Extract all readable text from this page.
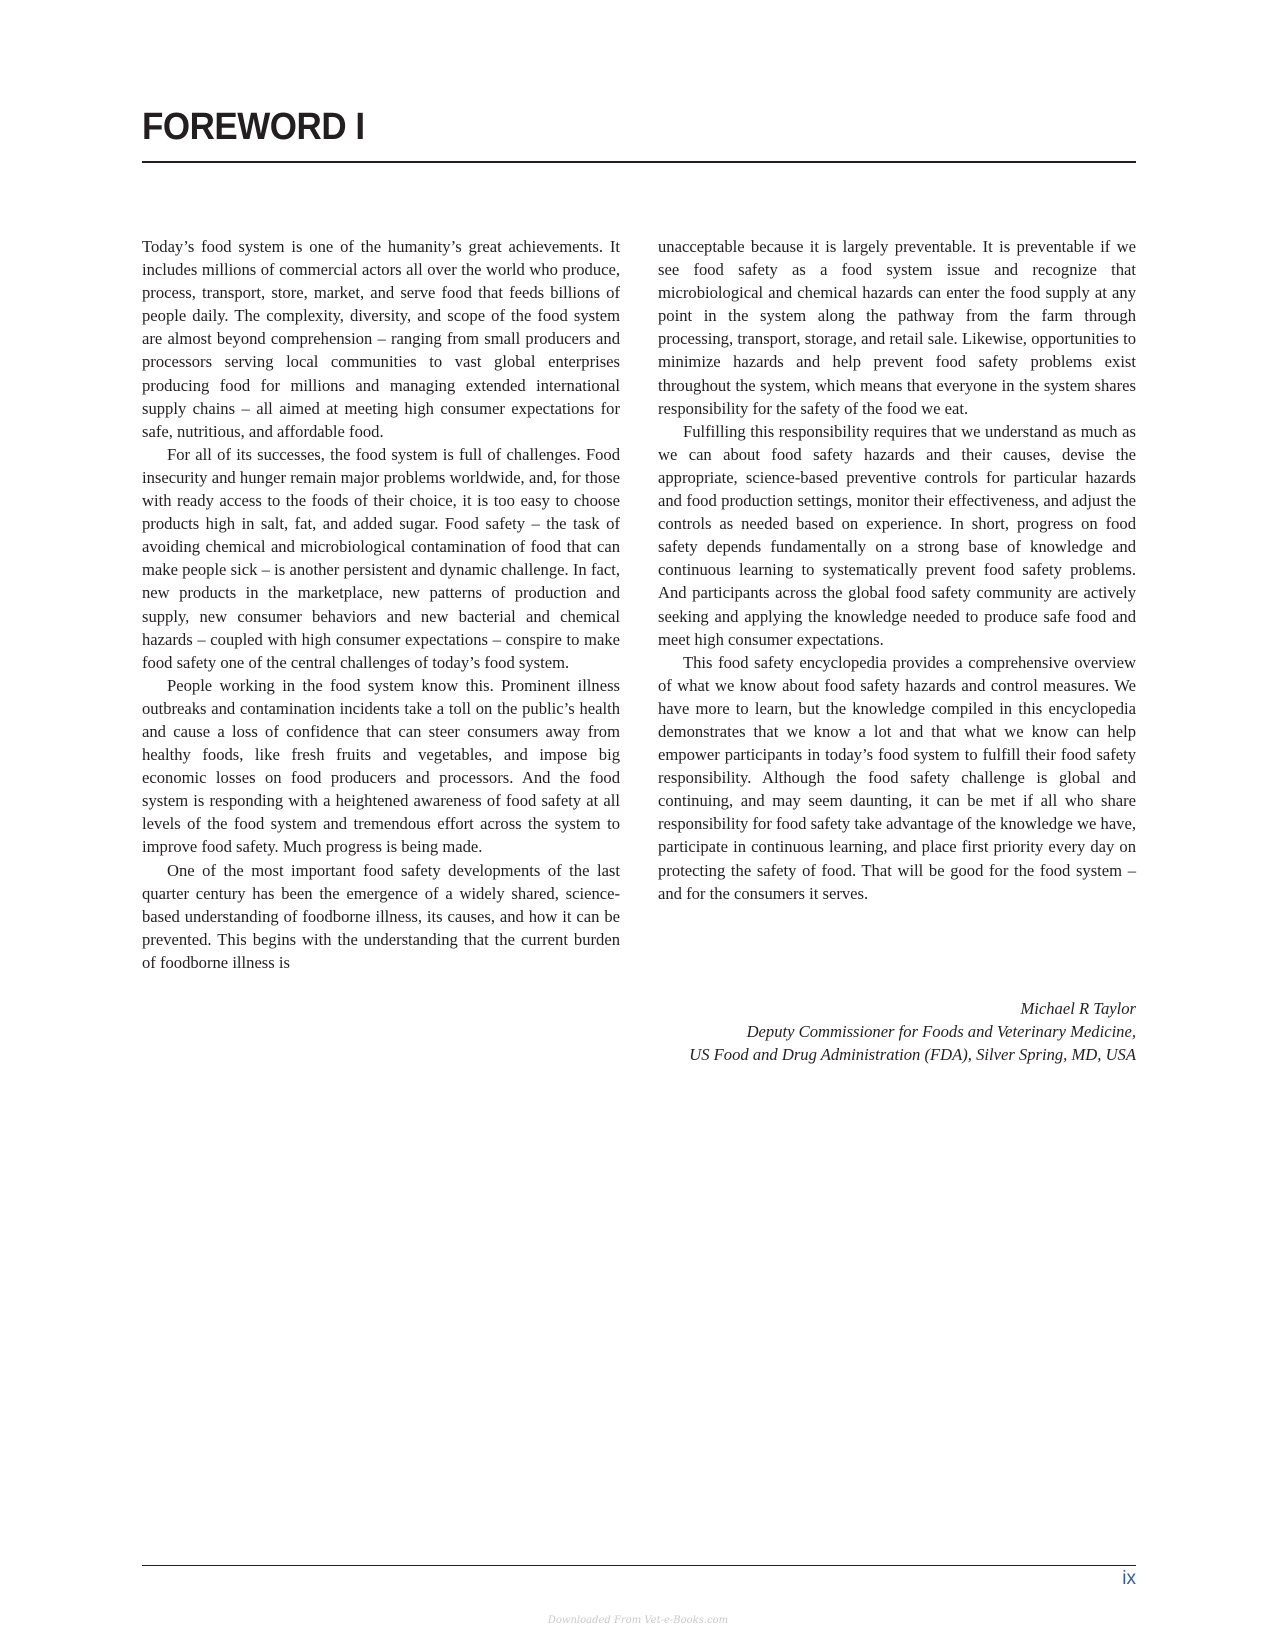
FOREWORD I

Today’s food system is one of the humanity’s great achievements. It includes millions of commercial actors all over the world who produce, process, transport, store, market, and serve food that feeds billions of people daily. The complexity, diversity, and scope of the food system are almost beyond comprehension – ranging from small producers and processors serving local communities to vast global enterprises producing food for millions and managing extended international supply chains – all aimed at meeting high consumer expectations for safe, nutritious, and affordable food.

For all of its successes, the food system is full of challenges. Food insecurity and hunger remain major problems worldwide, and, for those with ready access to the foods of their choice, it is too easy to choose products high in salt, fat, and added sugar. Food safety – the task of avoiding chemical and microbiological contamination of food that can make people sick – is another persistent and dynamic challenge. In fact, new products in the marketplace, new patterns of production and supply, new consumer behaviors and new bacterial and chemical hazards – coupled with high consumer expectations – conspire to make food safety one of the central challenges of today’s food system.

People working in the food system know this. Prominent illness outbreaks and contamination incidents take a toll on the public’s health and cause a loss of confidence that can steer consumers away from healthy foods, like fresh fruits and vegetables, and impose big economic losses on food producers and processors. And the food system is responding with a heightened awareness of food safety at all levels of the food system and tremendous effort across the system to improve food safety. Much progress is being made.

One of the most important food safety developments of the last quarter century has been the emergence of a widely shared, science-based understanding of foodborne illness, its causes, and how it can be prevented. This begins with the understanding that the current burden of foodborne illness is

unacceptable because it is largely preventable. It is preventable if we see food safety as a food system issue and recognize that microbiological and chemical hazards can enter the food supply at any point in the system along the pathway from the farm through processing, transport, storage, and retail sale. Likewise, opportunities to minimize hazards and help prevent food safety problems exist throughout the system, which means that everyone in the system shares responsibility for the safety of the food we eat.

Fulfilling this responsibility requires that we understand as much as we can about food safety hazards and their causes, devise the appropriate, science-based preventive controls for particular hazards and food production settings, monitor their effectiveness, and adjust the controls as needed based on experience. In short, progress on food safety depends fundamentally on a strong base of knowledge and continuous learning to systematically prevent food safety problems. And participants across the global food safety community are actively seeking and applying the knowledge needed to produce safe food and meet high consumer expectations.

This food safety encyclopedia provides a comprehensive overview of what we know about food safety hazards and control measures. We have more to learn, but the knowledge compiled in this encyclopedia demonstrates that we know a lot and that what we know can help empower participants in today’s food system to fulfill their food safety responsibility. Although the food safety challenge is global and continuing, and may seem daunting, it can be met if all who share responsibility for food safety take advantage of the knowledge we have, participate in continuous learning, and place first priority every day on protecting the safety of food. That will be good for the food system – and for the consumers it serves.

Michael R Taylor
Deputy Commissioner for Foods and Veterinary Medicine,
US Food and Drug Administration (FDA), Silver Spring, MD, USA
ix
Downloaded From Vet-e-Books.com
